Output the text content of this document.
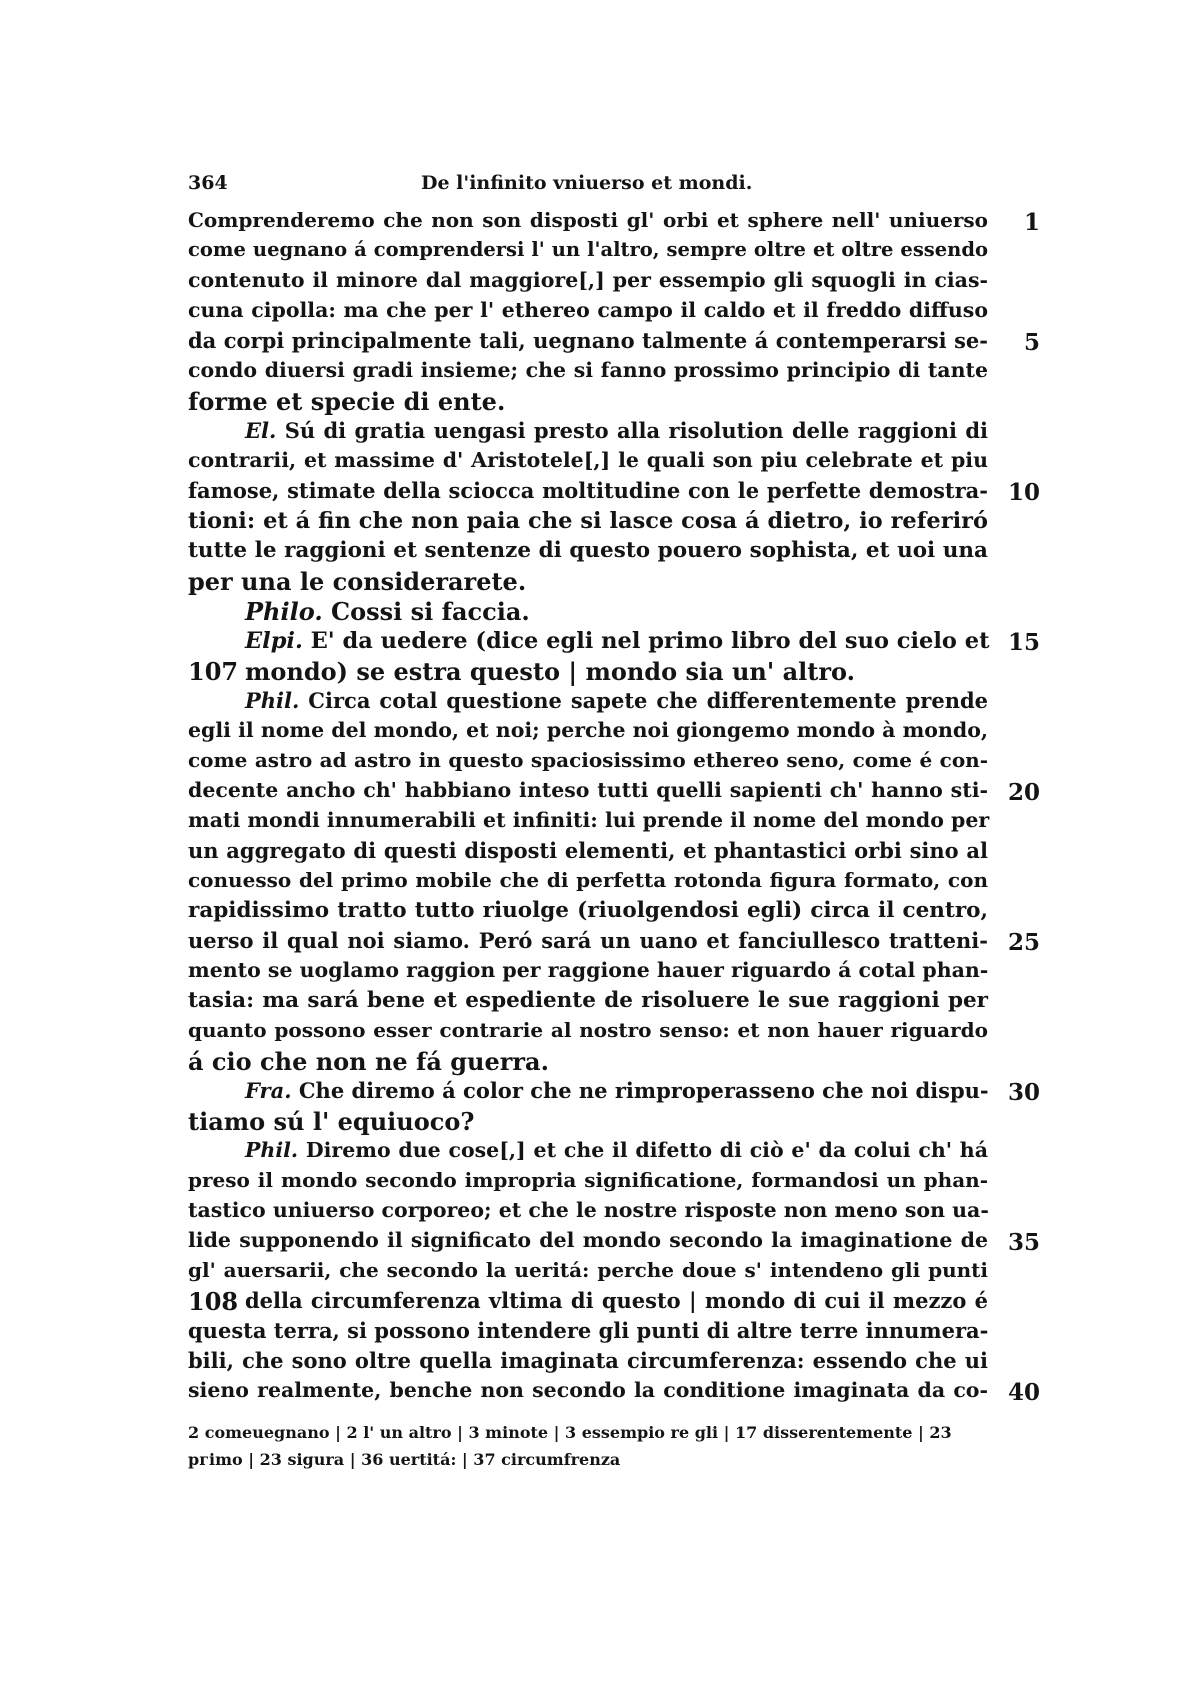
364	De l'infinito vniuerso et mondi.
Comprenderemo che non son disposti gl' orbi et sphere nell' uniuerso
come uegnano á comprendersi l' un l'altro, sempre oltre et oltre essendo
contenuto il minore dal maggiore[,] per essempio gli squogli in cias-
cuna cipolla: ma che per l' ethereo campo il caldo et il freddo diffuso
da corpi principalmente tali, uegnano talmente á contemperarsi se-
condo diuersi gradi insieme; che si fanno prossimo principio di tante
forme et specie di ente.
El. Sú di gratia uengasi presto alla risolution delle raggioni di
contrarii, et massime d' Aristotele[,] le quali son piu celebrate et piu
famose, stimate della sciocca moltitudine con le perfette demostra-
tioni: et á fin che non paia che si lasce cosa á dietro, io referiró
tutte le raggioni et sentenze di questo pouero sophista, et uoi una
per una le considerarete.
Philo. Cossi si faccia.
Elpi. E' da uedere (dice egli nel primo libro del suo cielo et
mondo) se estra questo | mondo sia un' altro.
Phil. Circa cotal questione sapete che differentemente prende
egli il nome del mondo, et noi; perche noi giongemo mondo à mondo,
come astro ad astro in questo spaciosissimo ethereo seno, come é con-
decente ancho ch' habbiano inteso tutti quelli sapienti ch' hanno sti-
mati mondi innumerabili et infiniti: lui prende il nome del mondo per
un aggregato di questi disposti elementi, et phantastici orbi sino al
conuesso del primo mobile che di perfetta rotonda figura formato, con
rapidissimo tratto tutto riuolge (riuolgendosi egli) circa il centro,
uerso il qual noi siamo. Peró sará un uano et fanciullesco tratteni-
mento se uoglamo raggion per raggione hauer riguardo á cotal phan-
tasia: ma sará bene et espediente de risoluere le sue raggioni per
quanto possono esser contrarie al nostro senso: et non hauer riguardo
á cio che non ne fá guerra.
Fra. Che diremo á color che ne rimproperasseno che noi dispu-
tiamo sú l' equiuoco?
Phil. Diremo due cose[,] et che il difetto di ciò e' da colui ch' há
preso il mondo secondo impropria significatione, formandosi un phan-
tastico uniuerso corporeo; et che le nostre risposte non meno son ua-
lide supponendo il significato del mondo secondo la imaginatione de
gl' auersarii, che secondo la ueritá: perche doue s' intendeno gli punti
della circumferenza vltima di questo | mondo di cui il mezzo é
questa terra, si possono intendere gli punti di altre terre innumera-
bili, che sono oltre quella imaginata circumferenza: essendo che ui
sieno realmente, benche non secondo la conditione imaginata da co-
1
5
10
15
20
25
30
35
40
107
108
2 comeuegnano | 2 l' un altro | 3 minote | 3 essempio re gli | 17 disserentemente | 23
pгimo | 23 sigura | 36 uertitá: | 37 circumfrenza
